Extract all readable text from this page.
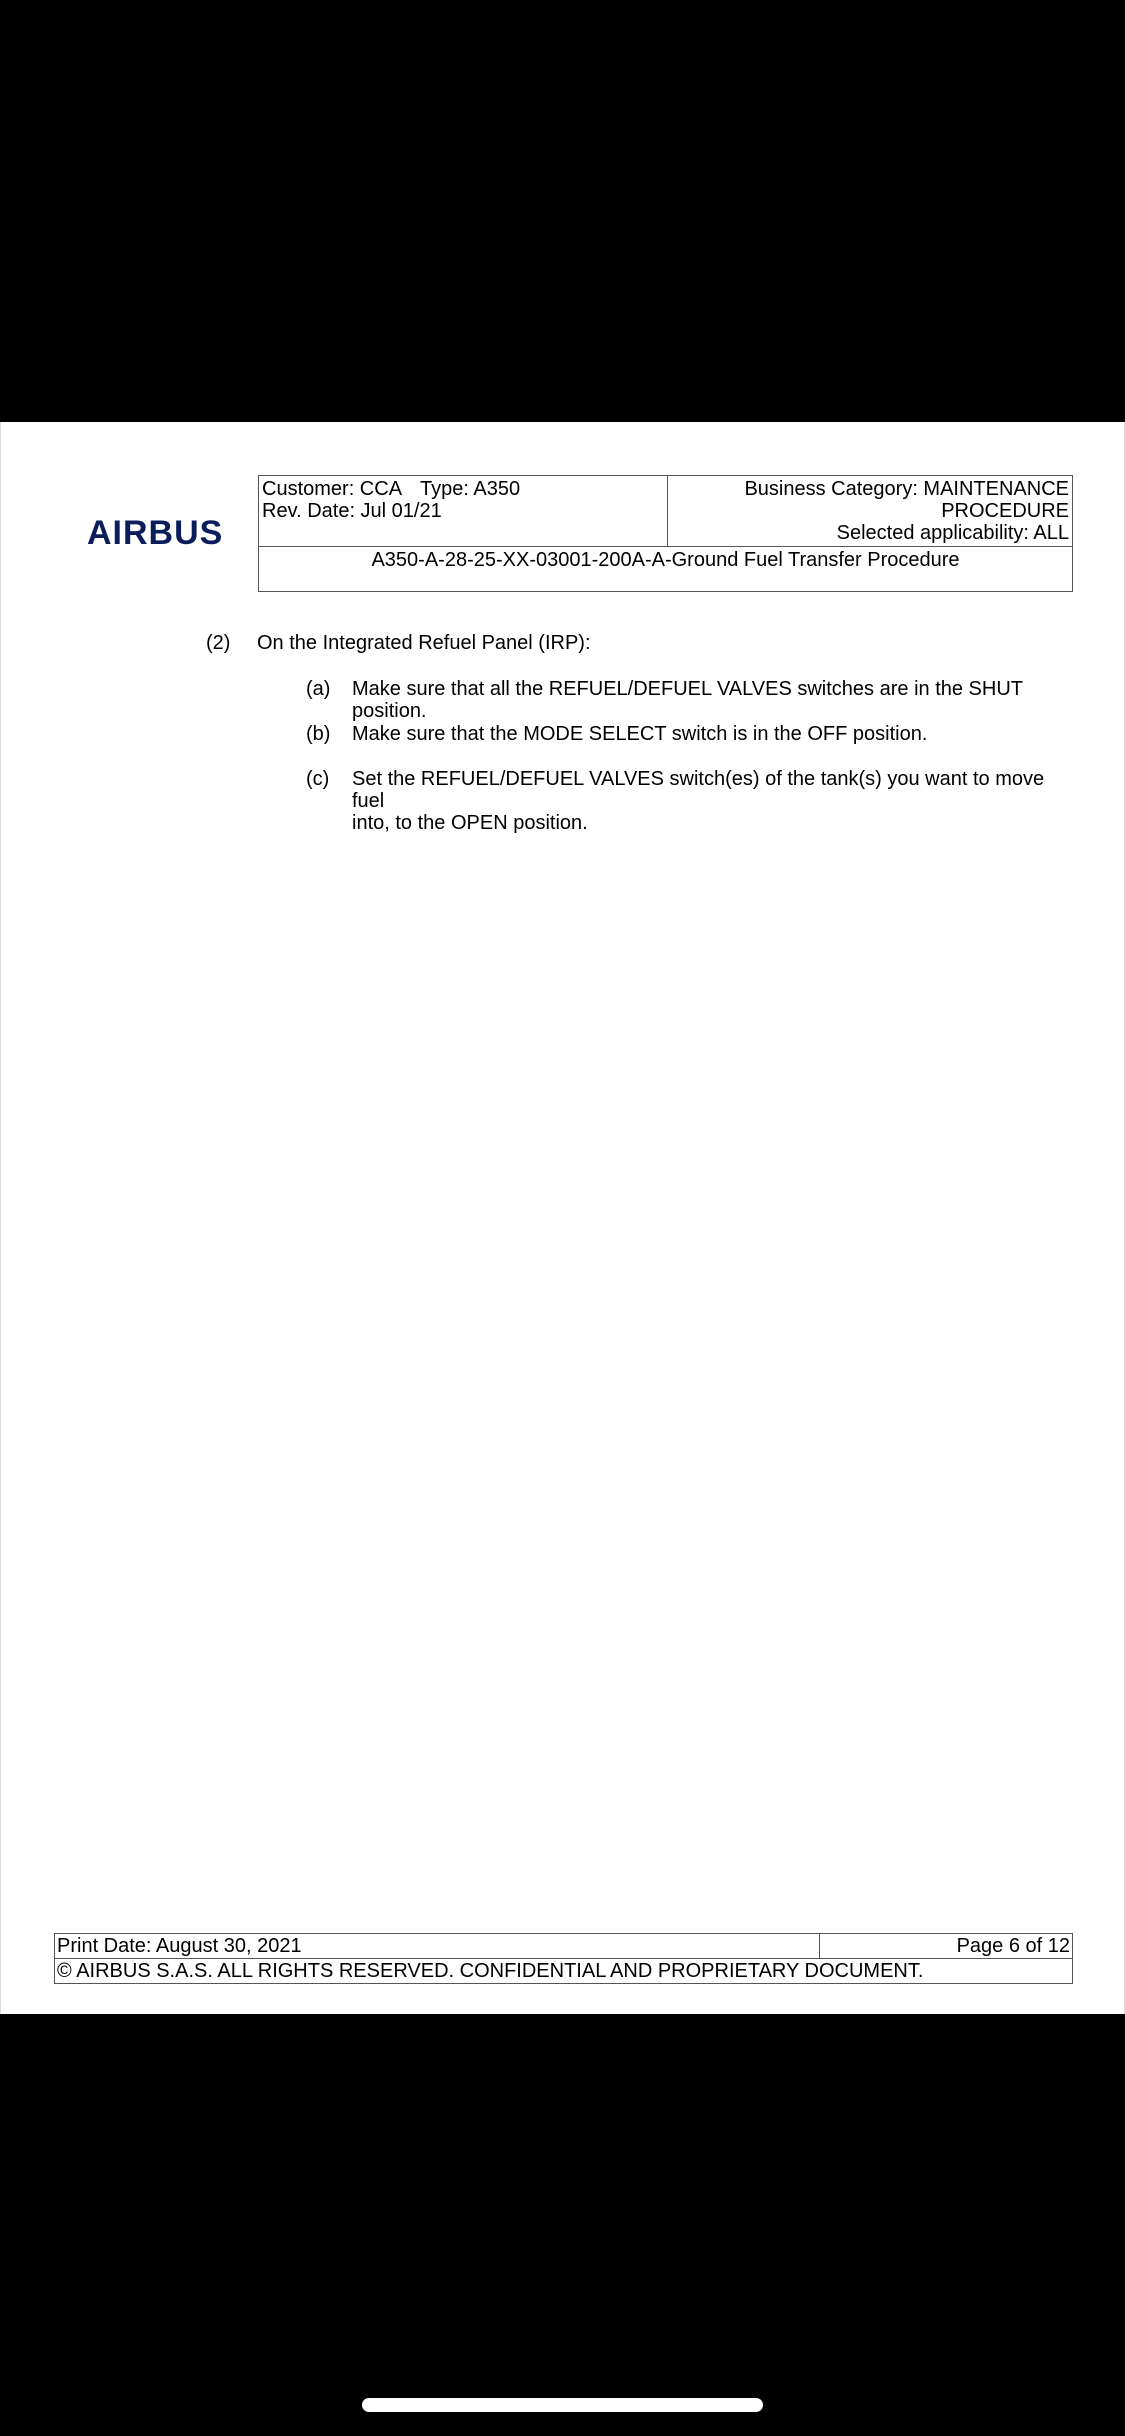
AIRBUS
Customer: CCA Type: A350
Rev. Date: Jul 01/21	Business Category: MAINTENANCE
PROCEDURE
Selected applicability: ALL
A350-A-28-25-XX-03001-200A-A-Ground Fuel Transfer Procedure
(2) On the Integrated Refuel Panel (IRP):
(a) Make sure that all the REFUEL/DEFUEL VALVES switches are in the SHUT position.
(b) Make sure that the MODE SELECT switch is in the OFF position.
(c) Set the REFUEL/DEFUEL VALVES switch(es) of the tank(s) you want to move fuel
into, to the OPEN position.
Print Date: August 30, 2021	Page 6 of 12
© AIRBUS S.A.S. ALL RIGHTS RESERVED. CONFIDENTIAL AND PROPRIETARY DOCUMENT.
